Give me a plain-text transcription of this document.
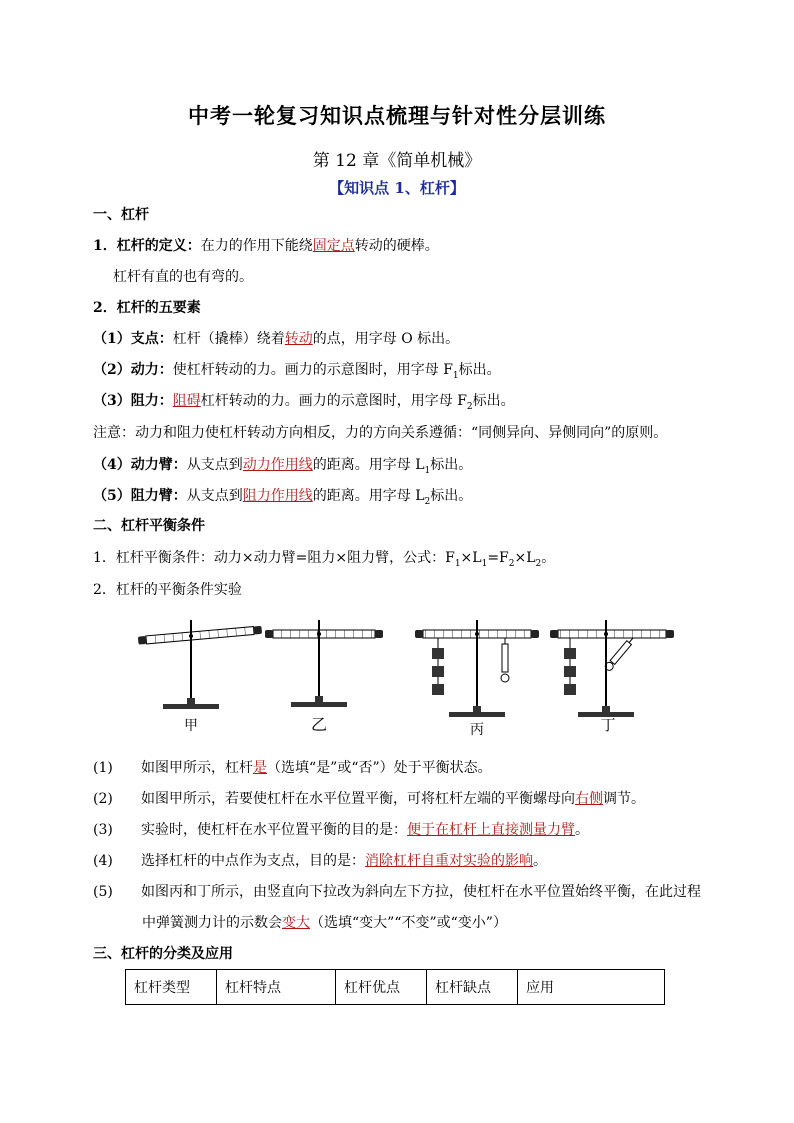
中考一轮复习知识点梳理与针对性分层训练
第 12 章《简单机械》
【知识点 1、杠杆】
一、杠杆
1．杠杆的定义：在力的作用下能绕固定点转动的硬棒。
杠杆有直的也有弯的。
2．杠杆的五要素
（1）支点：杠杆（撬棒）绕着转动的点，用字母 O 标出。
（2）动力：使杠杆转动的力。画力的示意图时，用字母 $F_1$标出。
（3）阻力：阻碍杠杆转动的力。画力的示意图时，用字母 $F_2$标出。
注意：动力和阻力使杠杆转动方向相反，力的方向关系遵循：“同侧异向、异侧同向”的原则。
（4）动力臂：从支点到动力作用线的距离。用字母 $L_1$标出。
（5）阻力臂：从支点到阻力作用线的距离。用字母 $L_2$标出。
二、杠杆平衡条件
1．杠杆平衡条件：动力×动力臂=阻力×阻力臂，公式：$F_1\times L_1=F_2\times L_2$。
2．杠杆的平衡条件实验
甲	乙	丙	丁
(1) 如图甲所示，杠杆是（选填“是”或“否”）处于平衡状态。
(2) 如图甲所示，若要使杠杆在水平位置平衡，可将杠杆左端的平衡螺母向右侧调节。
(3) 实验时，使杠杆在水平位置平衡的目的是：便于在杠杆上直接测量力臂。
(4) 选择杠杆的中点作为支点，目的是：消除杠杆自重对实验的影响。
(5) 如图丙和丁所示，由竖直向下拉改为斜向左下方拉，使杠杆在水平位置始终平衡，在此过程
中弹簧测力计的示数会变大（选填“变大”“不变”或“变小”）
三、杠杆的分类及应用
杠杆类型	杠杆特点	杠杆优点	杠杆缺点	应用
